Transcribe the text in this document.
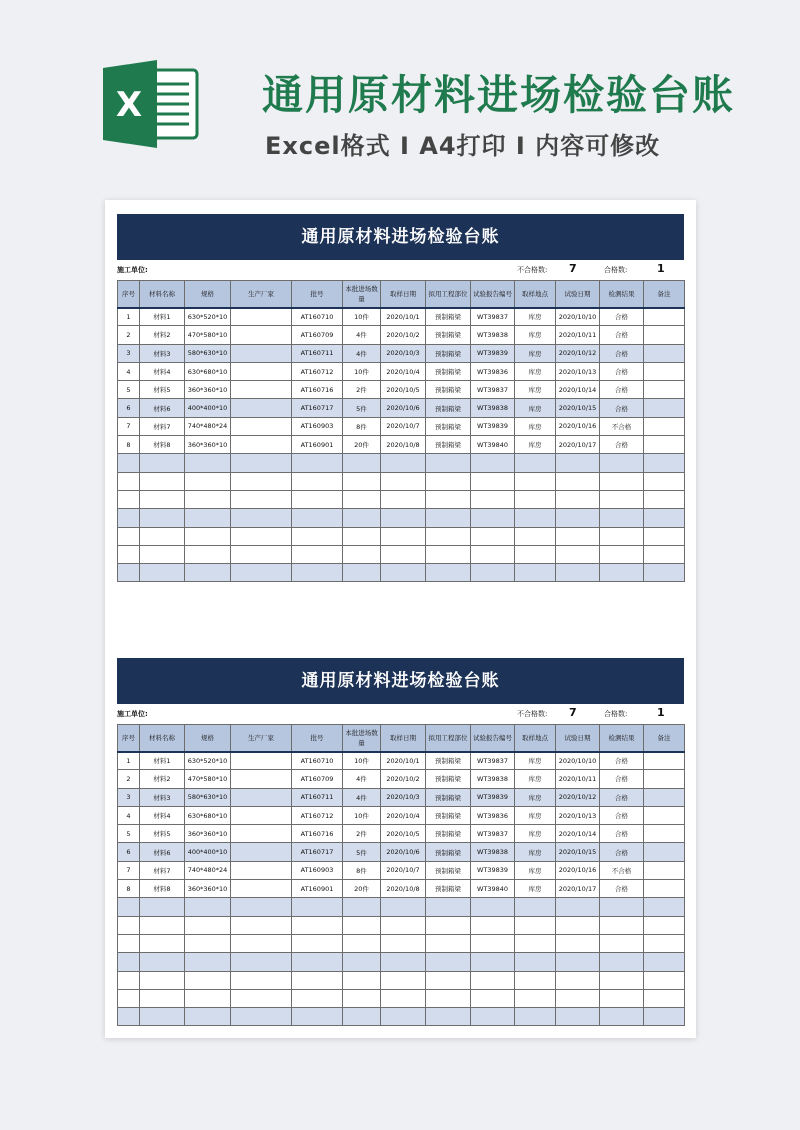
X	通用原材料进场检验台账
Excel格式 I A4打印 I 内容可修改
通用原材料进场检验台账
施工单位:	不合格数: 7	合格数:	1
序号	材料名称	规格	生产厂家	批号	本批进场数量	取样日期	拟用工程部位	试验报告编号	取样地点	试验日期	检测结果	备注
1	材料1	630*520*10		AT160710	10件	2020/10/1	预制箱梁	WT39837	库房	2020/10/10	合格	
2	材料2	470*580*10		AT160709	4件	2020/10/2	预制箱梁	WT39838	库房	2020/10/11	合格	
3	材料3	580*630*10		AT160711	4件	2020/10/3	预制箱梁	WT39839	库房	2020/10/12	合格	
4	材料4	630*680*10		AT160712	10件	2020/10/4	预制箱梁	WT39836	库房	2020/10/13	合格	
5	材料5	360*360*10		AT160716	2件	2020/10/5	预制箱梁	WT39837	库房	2020/10/14	合格	
6	材料6	400*400*10		AT160717	5件	2020/10/6	预制箱梁	WT39838	库房	2020/10/15	合格	
7	材料7	740*480*24		AT160903	8件	2020/10/7	预制箱梁	WT39839	库房	2020/10/16	不合格	
8	材料8	360*360*10		AT160901	20件	2020/10/8	预制箱梁	WT39840	库房	2020/10/17	合格	

通用原材料进场检验台账
施工单位:	不合格数: 7	合格数:	1
序号	材料名称	规格	生产厂家	批号	本批进场数量	取样日期	拟用工程部位	试验报告编号	取样地点	试验日期	检测结果	备注
1	材料1	630*520*10		AT160710	10件	2020/10/1	预制箱梁	WT39837	库房	2020/10/10	合格	
2	材料2	470*580*10		AT160709	4件	2020/10/2	预制箱梁	WT39838	库房	2020/10/11	合格	
3	材料3	580*630*10		AT160711	4件	2020/10/3	预制箱梁	WT39839	库房	2020/10/12	合格	
4	材料4	630*680*10		AT160712	10件	2020/10/4	预制箱梁	WT39836	库房	2020/10/13	合格	
5	材料5	360*360*10		AT160716	2件	2020/10/5	预制箱梁	WT39837	库房	2020/10/14	合格	
6	材料6	400*400*10		AT160717	5件	2020/10/6	预制箱梁	WT39838	库房	2020/10/15	合格	
7	材料7	740*480*24		AT160903	8件	2020/10/7	预制箱梁	WT39839	库房	2020/10/16	不合格	
8	材料8	360*360*10		AT160901	20件	2020/10/8	预制箱梁	WT39840	库房	2020/10/17	合格	
